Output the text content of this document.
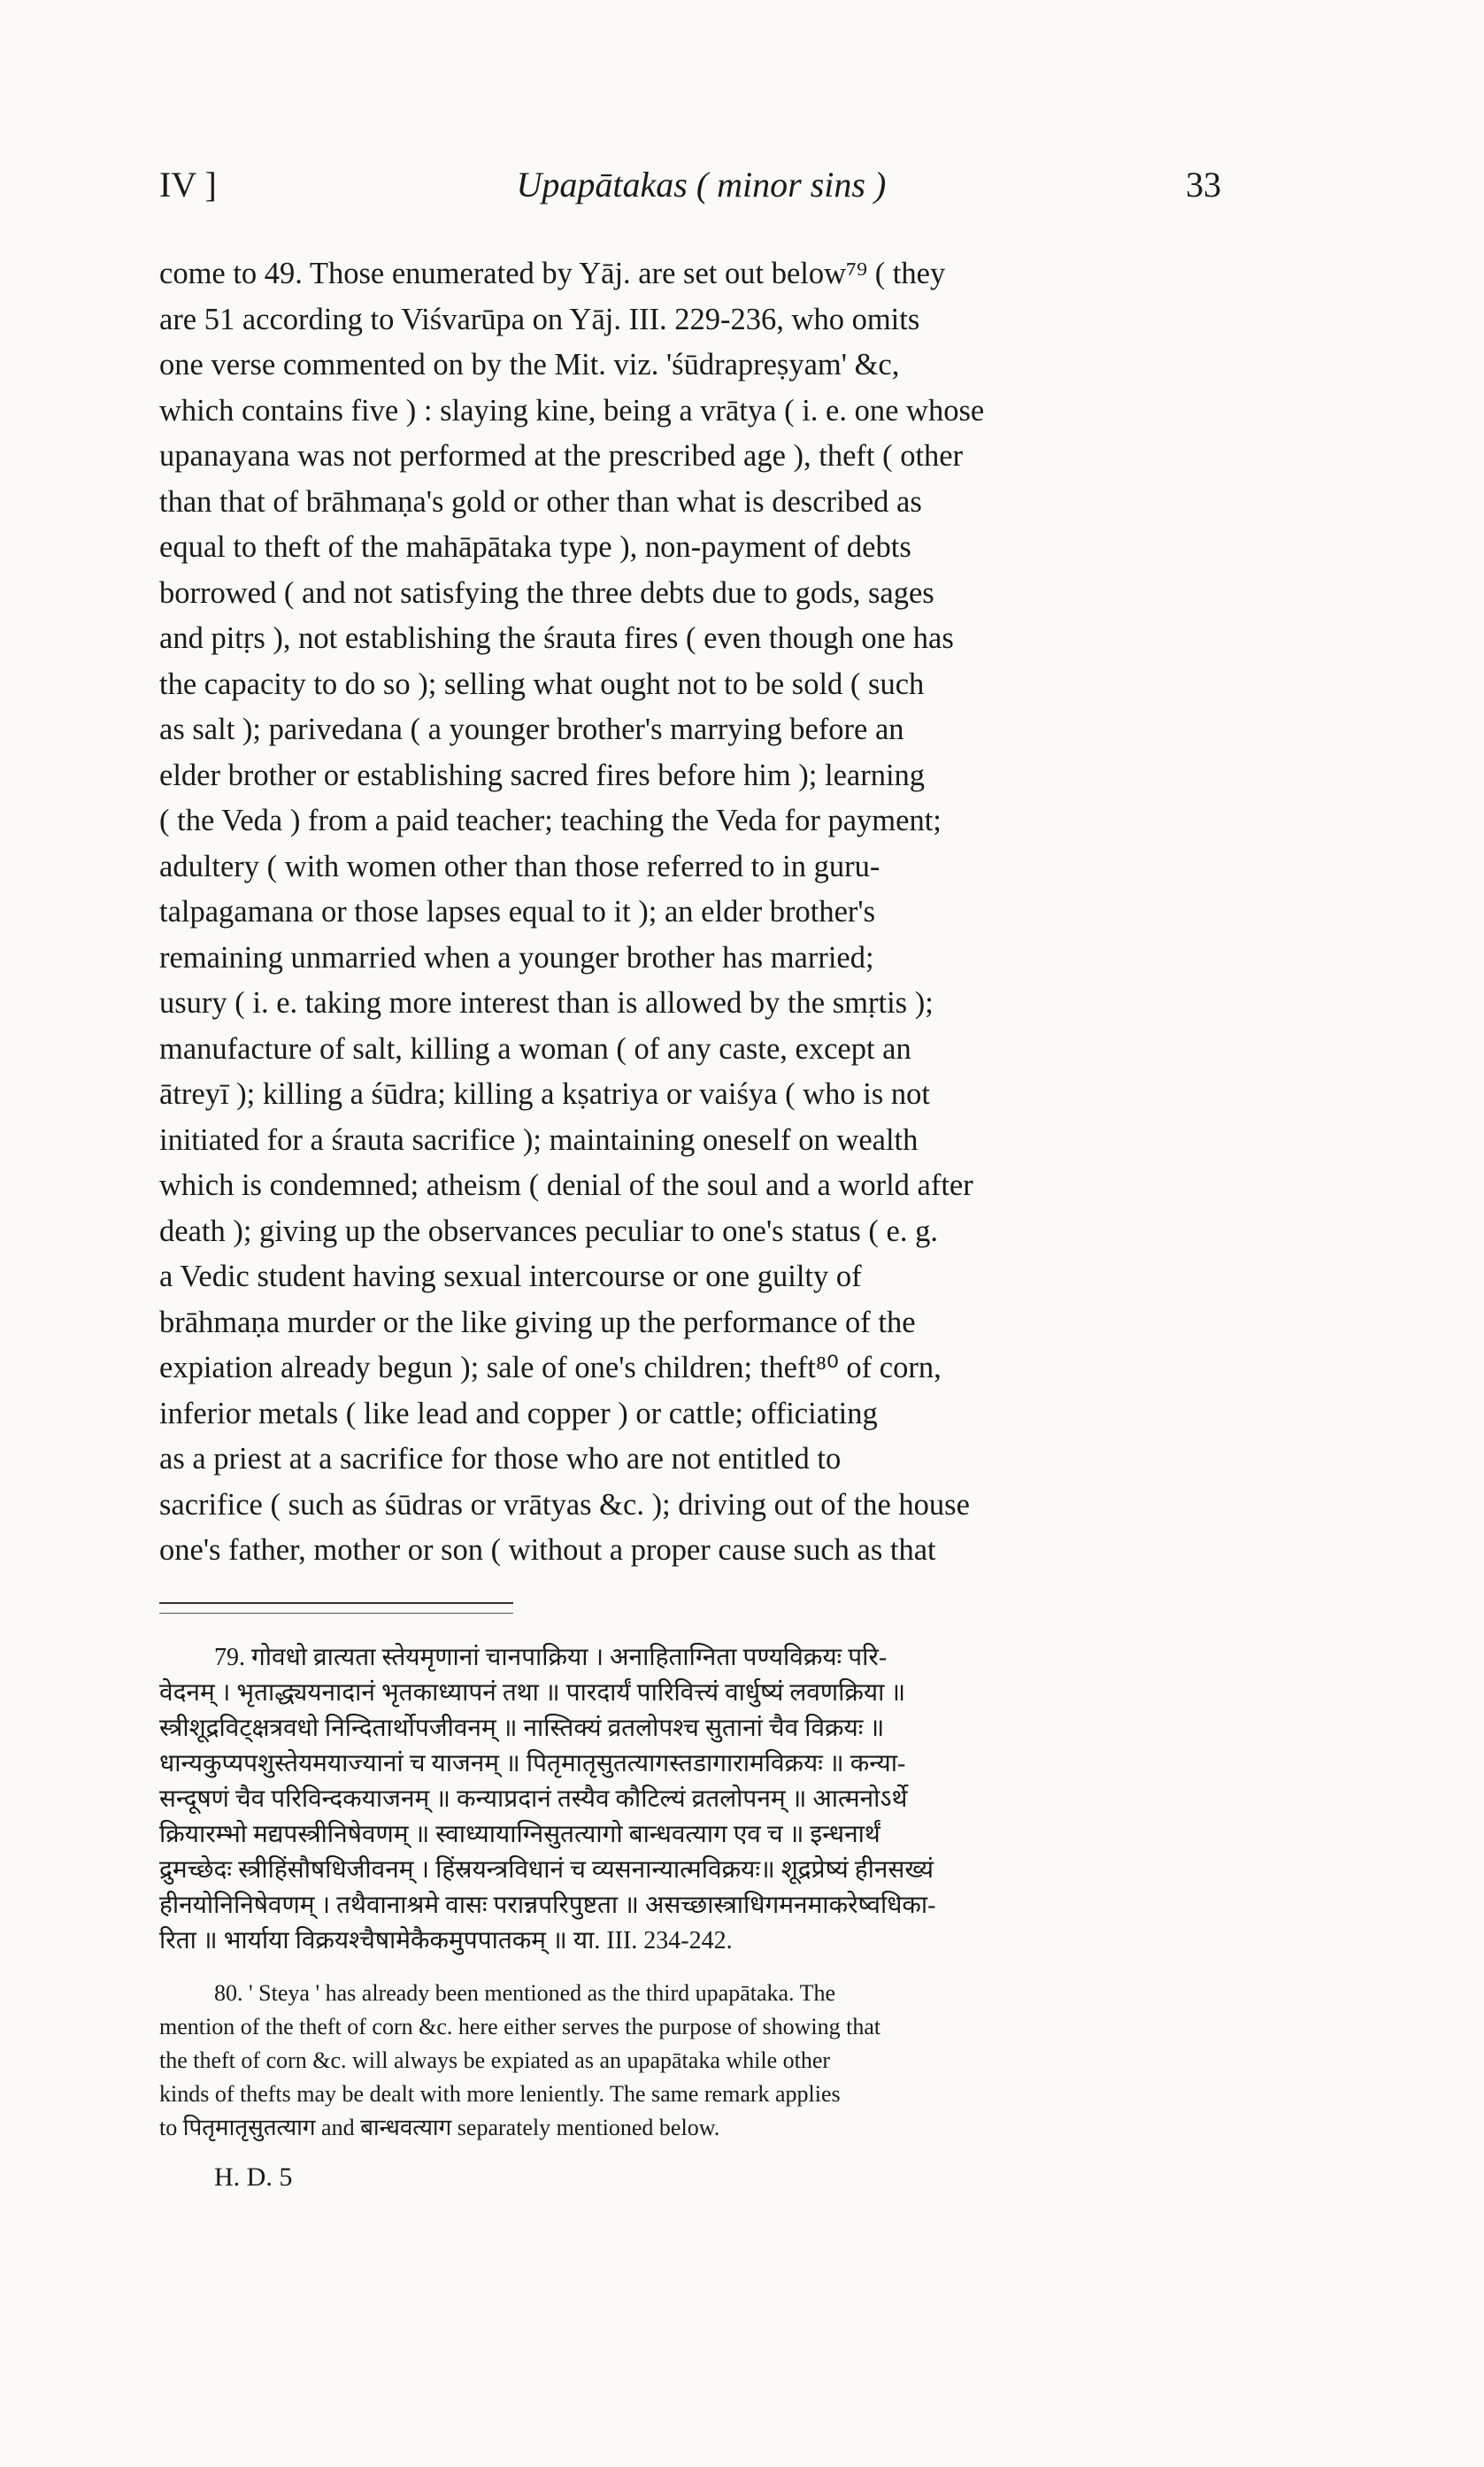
IV ]	Upapātakas ( minor sins )	33
come to 49. Those enumerated by Yāj. are set out below⁷⁹ ( they
are 51 according to Viśvarūpa on Yāj. III. 229-236, who omits
one verse commented on by the Mit. viz. 'śūdrapreṣyam' &c,
which contains five ) : slaying kine, being a vrātya ( i. e. one whose
upanayana was not performed at the prescribed age ), theft ( other
than that of brāhmaṇa's gold or other than what is described as
equal to theft of the mahāpātaka type ), non-payment of debts
borrowed ( and not satisfying the three debts due to gods, sages
and pitṛs ), not establishing the śrauta fires ( even though one has
the capacity to do so ); selling what ought not to be sold ( such
as salt ); parivedana ( a younger brother's marrying before an
elder brother or establishing sacred fires before him ); learning
( the Veda ) from a paid teacher; teaching the Veda for payment;
adultery ( with women other than those referred to in guru-
talpagamana or those lapses equal to it ); an elder brother's
remaining unmarried when a younger brother has married;
usury ( i. e. taking more interest than is allowed by the smṛtis );
manufacture of salt, killing a woman ( of any caste, except an
ātreyī ); killing a śūdra; killing a kṣatriya or vaiśya ( who is not
initiated for a śrauta sacrifice ); maintaining oneself on wealth
which is condemned; atheism ( denial of the soul and a world after
death ); giving up the observances peculiar to one's status ( e. g.
a Vedic student having sexual intercourse or one guilty of
brāhmaṇa murder or the like giving up the performance of the
expiation already begun ); sale of one's children; theft⁸⁰ of corn,
inferior metals ( like lead and copper ) or cattle; officiating
as a priest at a sacrifice for those who are not entitled to
sacrifice ( such as śūdras or vrātyas &c. ); driving out of the house
one's father, mother or son ( without a proper cause such as that
79. गोवधो व्रात्यता स्तेयमृणानां चानपाक्रिया । अनाहिताग्निता पण्यविक्रयः परि-
वेदनम् । भृताद्ध्ययनादानं भृतकाध्यापनं तथा ॥ पारदार्यं पारिवित्त्यं वार्धुष्यं लवणक्रिया ॥
स्त्रीशूद्रविट्क्षत्रवधो निन्दितार्थोपजीवनम् ॥ नास्तिक्यं व्रतलोपश्च सुतानां चैव विक्रयः ॥
धान्यकुप्यपशुस्तेयमयाज्यानां च याजनम् ॥ पितृमातृसुतत्यागस्तडागारामविक्रयः ॥ कन्या-
सन्दूषणं चैव परिविन्दकयाजनम् ॥ कन्याप्रदानं तस्यैव कौटिल्यं व्रतलोपनम् ॥ आत्मनोऽर्थे
क्रियारम्भो मद्यपस्त्रीनिषेवणम् ॥ स्वाध्यायाग्निसुतत्यागो बान्धवत्याग एव च ॥ इन्धनार्थं
द्रुमच्छेदः स्त्रीहिंसौषधिजीवनम् । हिंस्रयन्त्रविधानं च व्यसनान्यात्मविक्रयः॥ शूद्रप्रेष्यं हीनसख्यं
हीनयोनिनिषेवणम् । तथैवानाश्रमे वासः परान्नपरिपुष्टता ॥ असच्छास्त्राधिगमनमाकरेष्वधिका-
रिता ॥ भार्याया विक्रयश्चैषामेकैकमुपपातकम् ॥ या. III. 234-242.
80. ' Steya ' has already been mentioned as the third upapātaka. The
mention of the theft of corn &c. here either serves the purpose of showing that
the theft of corn &c. will always be expiated as an upapātaka while other
kinds of thefts may be dealt with more leniently. The same remark applies
to पितृमातृसुतत्याग and बान्धवत्याग separately mentioned below.
H. D. 5
